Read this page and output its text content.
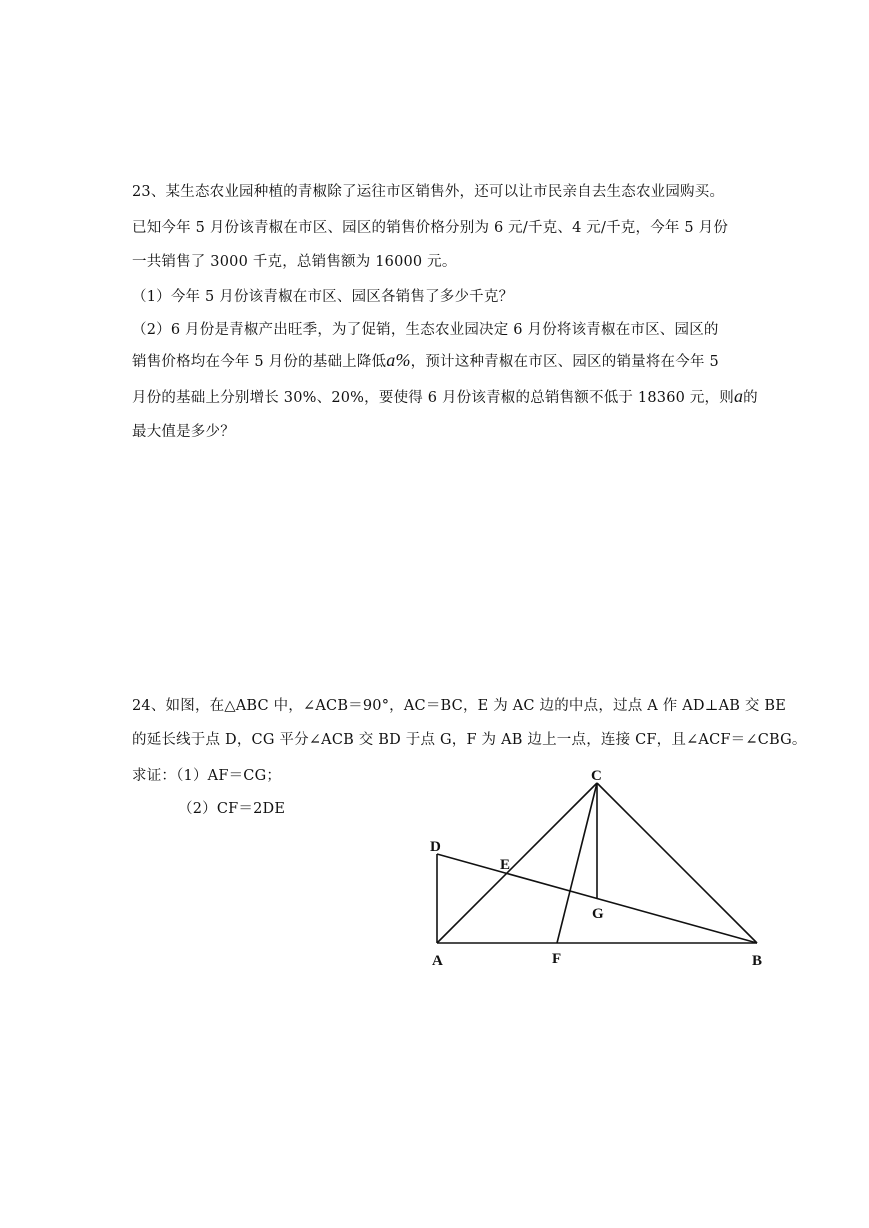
23、某生态农业园种植的青椒除了运往市区销售外，还可以让市民亲自去生态农业园购买。
已知今年 5 月份该青椒在市区、园区的销售价格分别为 6 元/千克、4 元/千克，今年 5 月份
一共销售了 3000 千克，总销售额为 16000 元。
（1）今年 5 月份该青椒在市区、园区各销售了多少千克？
（2）6 月份是青椒产出旺季，为了促销，生态农业园决定 6 月份将该青椒在市区、园区的
销售价格均在今年 5 月份的基础上降低a%，预计这种青椒在市区、园区的销量将在今年 5
月份的基础上分别增长 30%、20%，要使得 6 月份该青椒的总销售额不低于 18360 元，则a的
最大值是多少？
24、如图，在△ABC 中，∠ACB＝90°，AC＝BC，E 为 AC 边的中点，过点 A 作 AD⊥AB 交 BE
的延长线于点 D，CG 平分∠ACB 交 BD 于点 G，F 为 AB 边上一点，连接 CF，且∠ACF＝∠CBG。
求证：（1）AF＝CG；
（2）CF＝2DE
C
D
E
G
A	F	B
